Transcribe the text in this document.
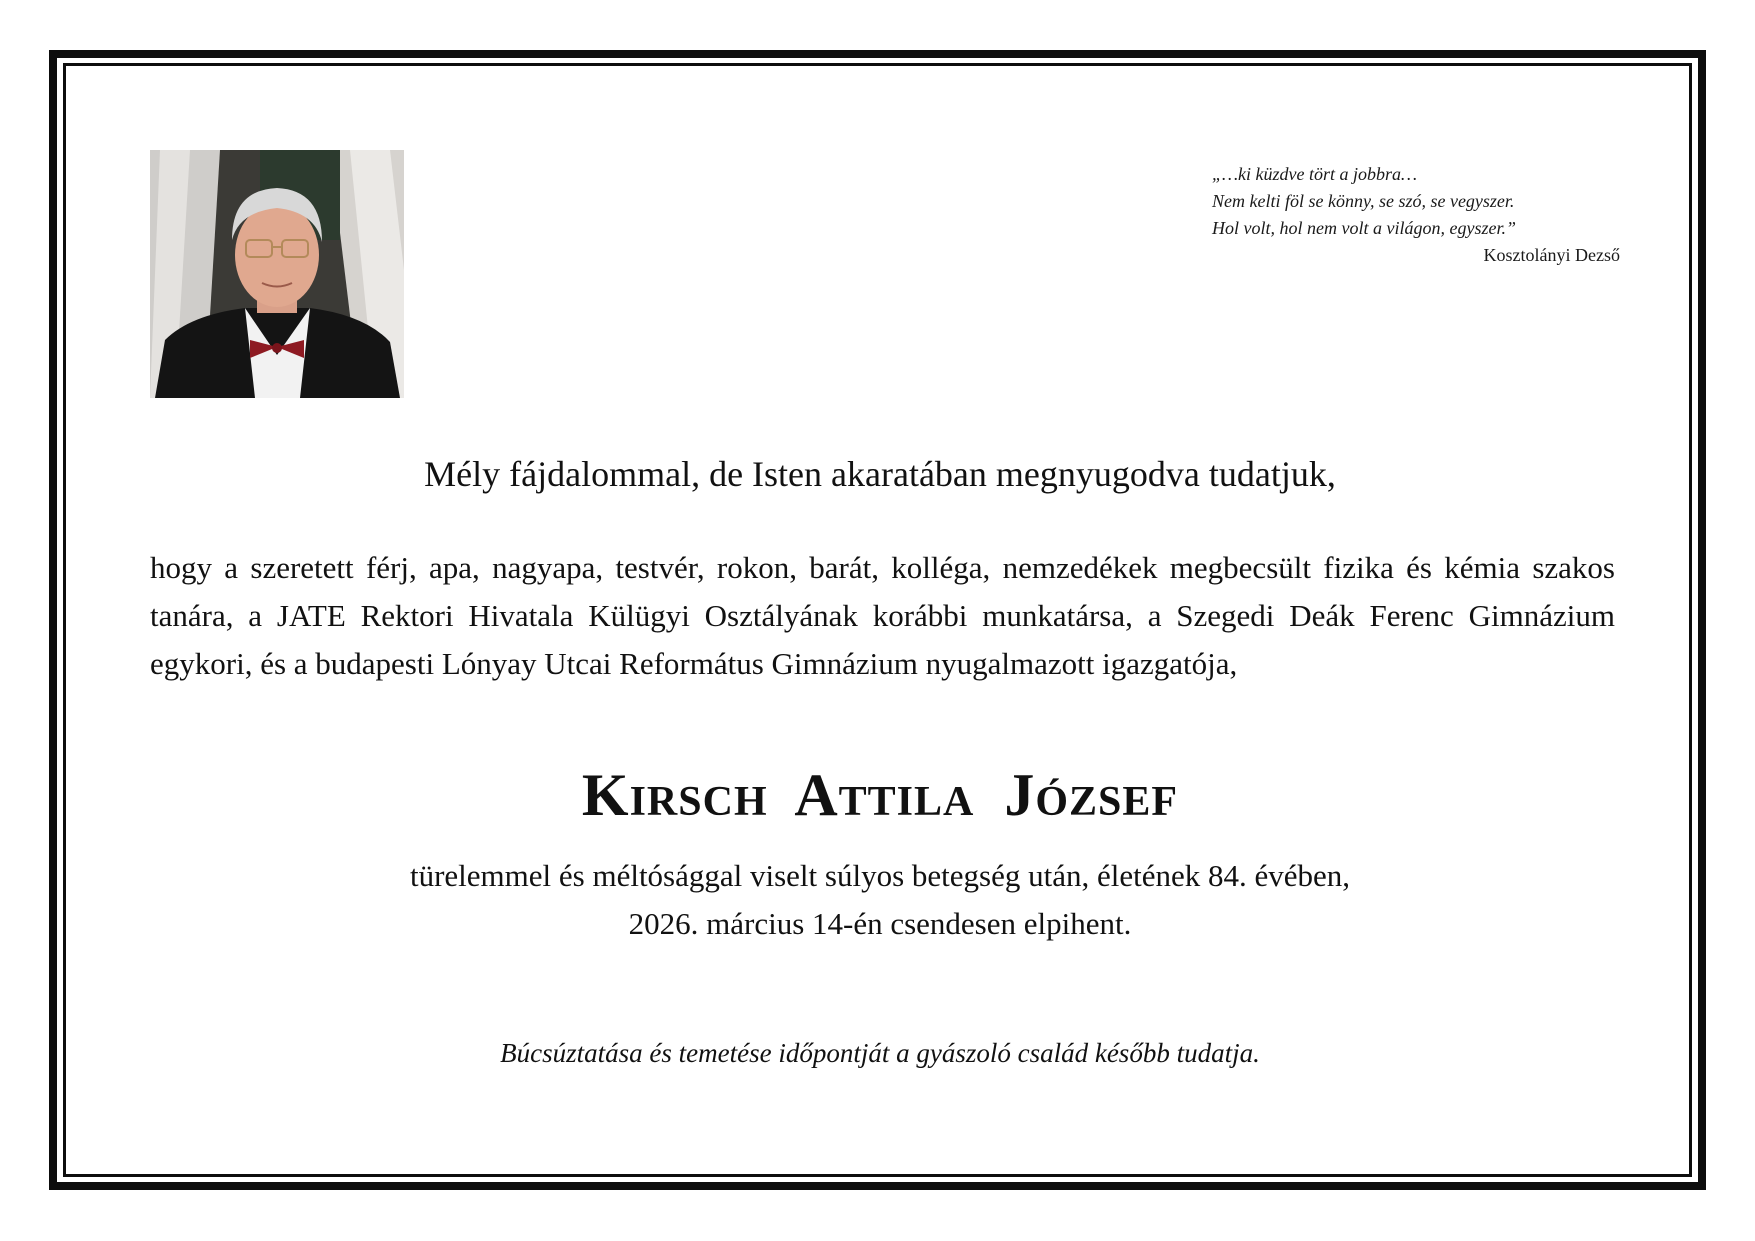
„…ki küzdve tört a jobbra…
Nem kelti föl se könny, se szó, se vegyszer.
Hol volt, hol nem volt a világon, egyszer.”
Kosztolányi Dezső
Mély fájdalommal, de Isten akaratában megnyugodva tudatjuk,
hogy a szeretett férj, apa, nagyapa, testvér, rokon, barát, kolléga, nemzedékek megbecsült fizika és kémia szakos tanára, a JATE Rektori Hivatala Külügyi Osztályának korábbi munkatársa, a Szegedi Deák Ferenc Gimnázium egykori, és a budapesti Lónyay Utcai Református Gimnázium nyugalmazott igazgatója,
Kirsch Attila József
türelemmel és méltósággal viselt súlyos betegség után, életének 84. évében,
2026. március 14-én csendesen elpihent.
Búcsúztatása és temetése időpontját a gyászoló család később tudatja.
